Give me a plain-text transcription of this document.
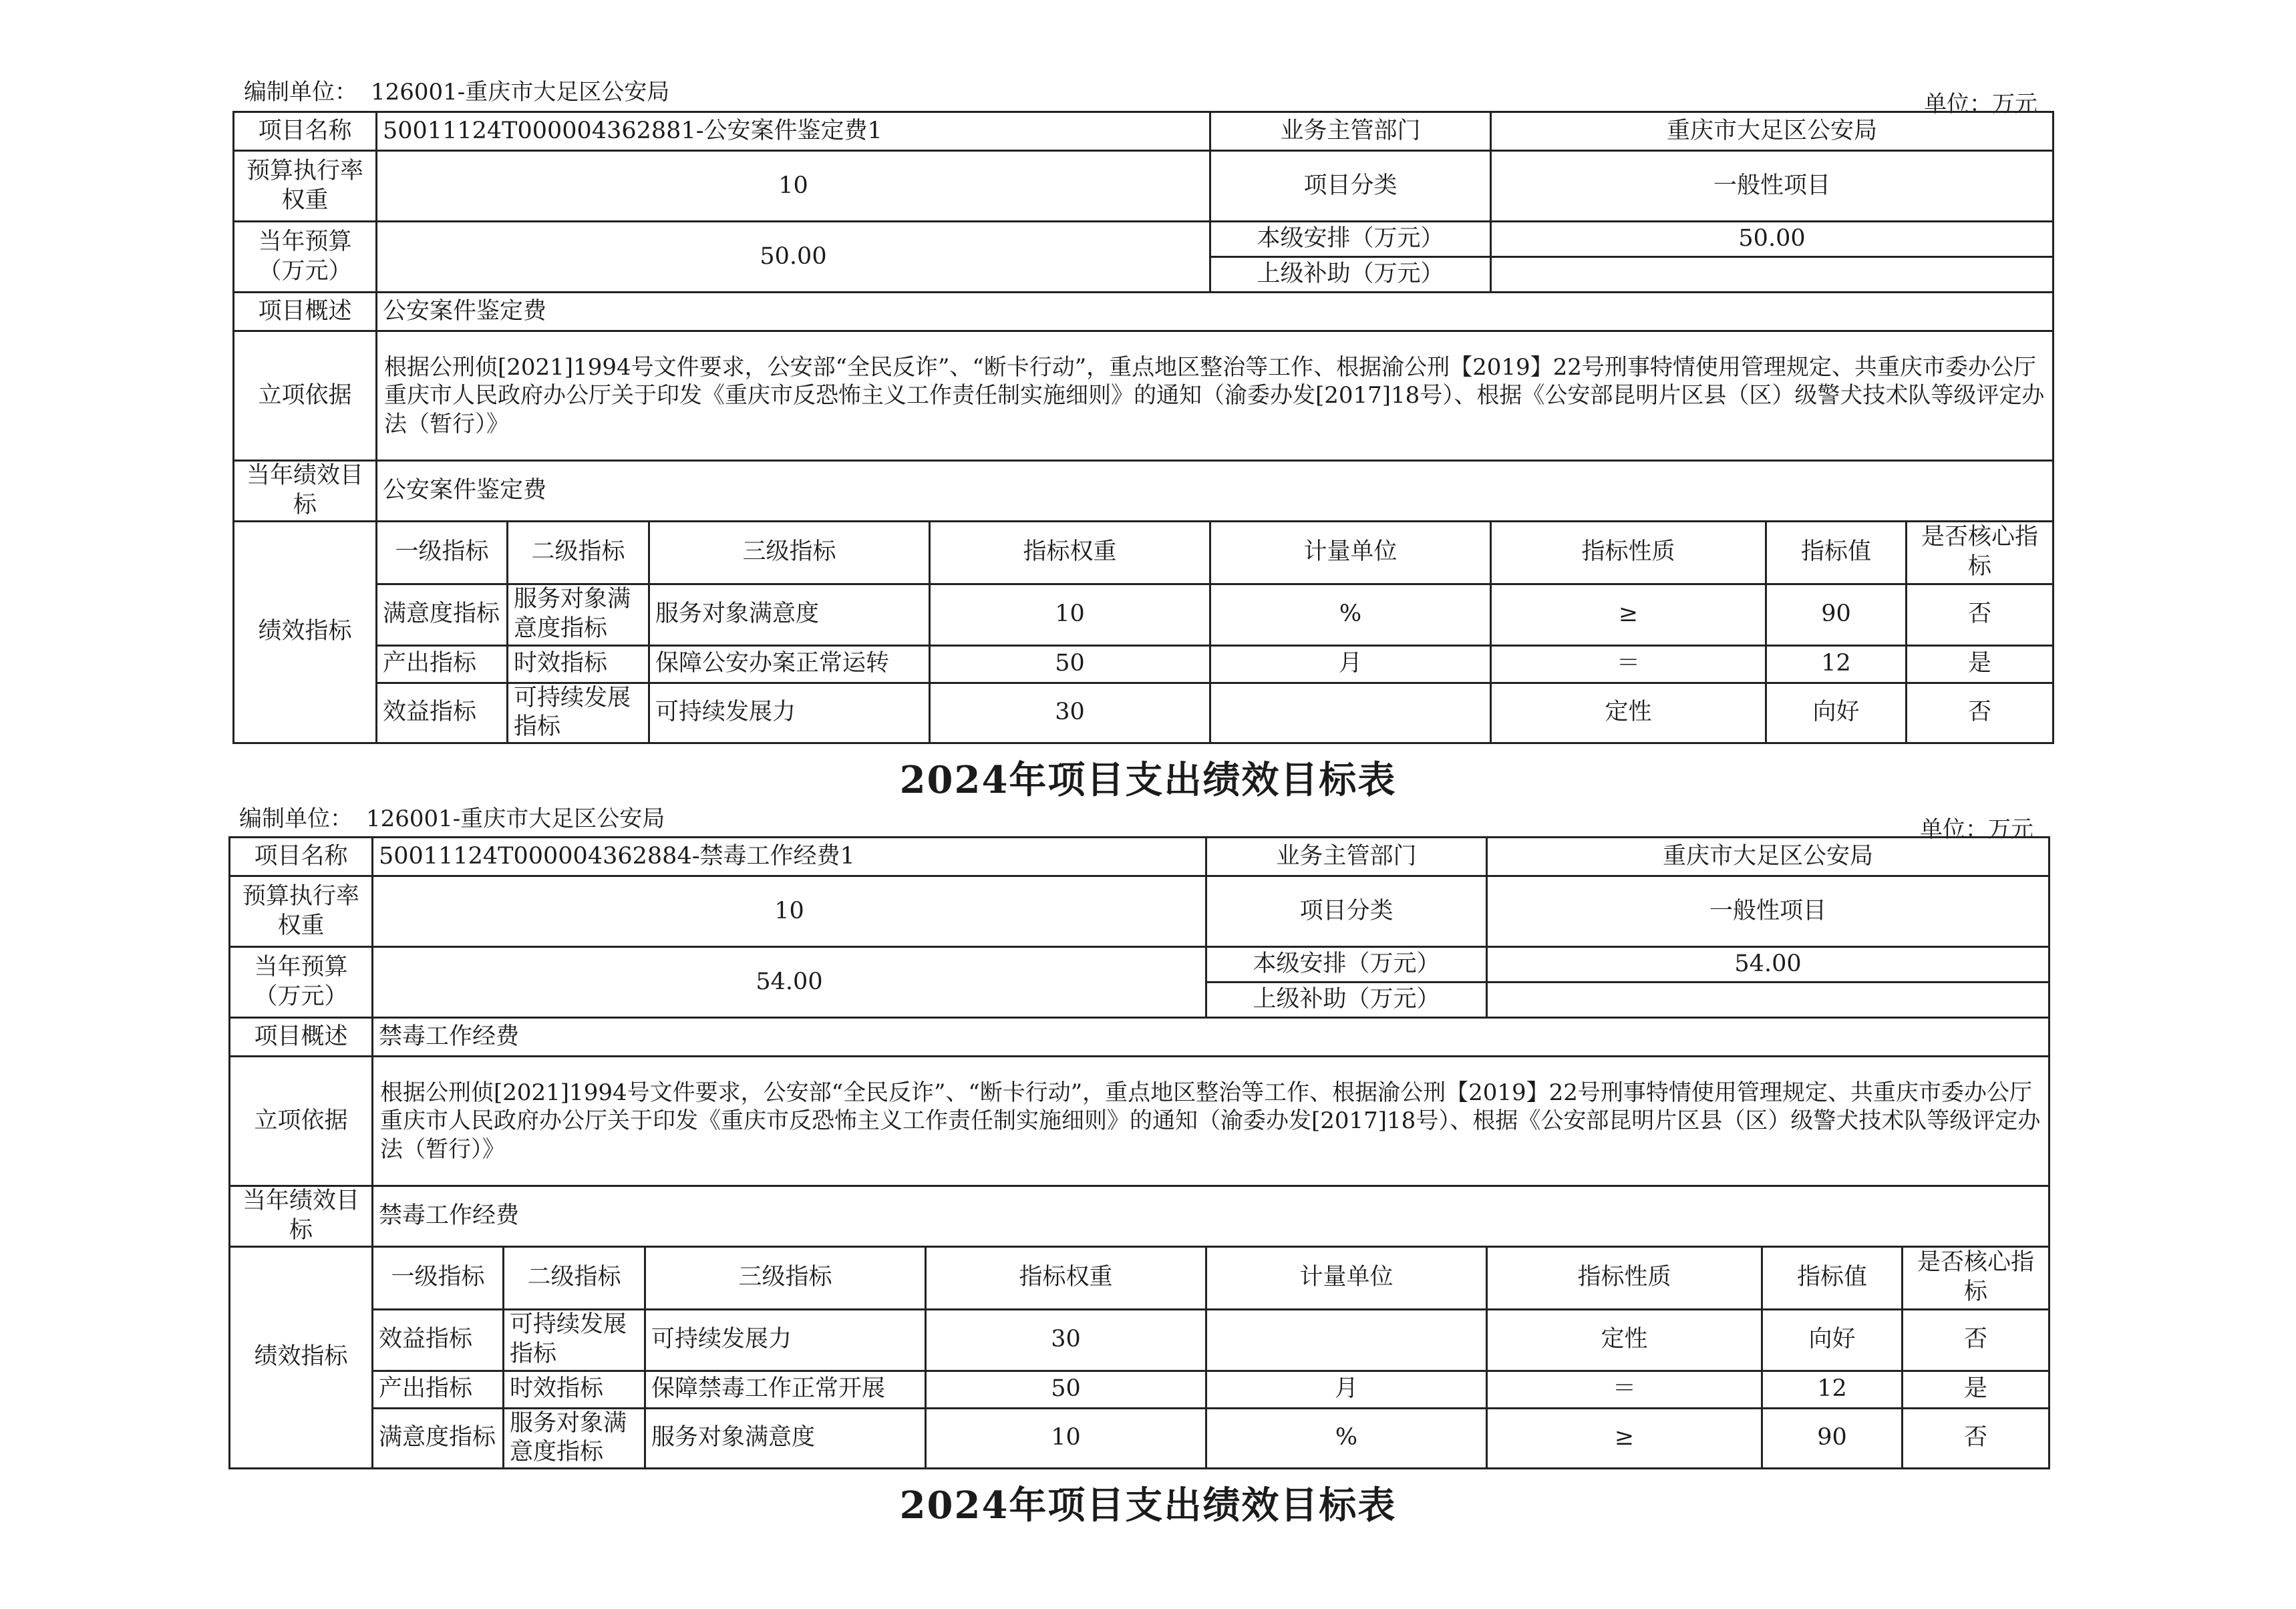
编制单位： 126001-重庆市大足区公安局	单位：万元
项目名称	50011124T000004362881-公安案件鉴定费1				业务主管部门	重庆市大足区公安局		
预算执行率权重	10				项目分类	一般性项目		
当年预算（万元）	50.00				本级安排（万元）	50.00		
					上级补助（万元）			
项目概述	公安案件鉴定费							
立项依据	根据公刑侦[2021]1994号文件要求，公安部“全民反诈”、“断卡行动”，重点地区整治等工作、根据渝公刑【2019】22号刑事特情使用管理规定、共重庆市委办公厅重庆市人民政府办公厅关于印发《重庆市反恐怖主义工作责任制实施细则》的通知（渝委办发[2017]18号）、根据《公安部昆明片区县（区）级警犬技术队等级评定办法（暂行）》							
当年绩效目标	公安案件鉴定费							
绩效指标	一级指标	二级指标	三级指标	指标权重	计量单位	指标性质	指标值	是否核心指标
	满意度指标	服务对象满意度指标	服务对象满意度	10	%	≥	90	否
	产出指标	时效指标	保障公安办案正常运转	50	月	＝	12	是
	效益指标	可持续发展指标	可持续发展力	30		定性	向好	否
2024年项目支出绩效目标表
编制单位： 126001-重庆市大足区公安局	单位：万元
项目名称	50011124T000004362884-禁毒工作经费1				业务主管部门	重庆市大足区公安局		
预算执行率权重	10				项目分类	一般性项目		
当年预算（万元）	54.00				本级安排（万元）	54.00		
					上级补助（万元）			
项目概述	禁毒工作经费							
立项依据	根据公刑侦[2021]1994号文件要求，公安部“全民反诈”、“断卡行动”，重点地区整治等工作、根据渝公刑【2019】22号刑事特情使用管理规定、共重庆市委办公厅重庆市人民政府办公厅关于印发《重庆市反恐怖主义工作责任制实施细则》的通知（渝委办发[2017]18号）、根据《公安部昆明片区县（区）级警犬技术队等级评定办法（暂行）》							
当年绩效目标	禁毒工作经费							
绩效指标	一级指标	二级指标	三级指标	指标权重	计量单位	指标性质	指标值	是否核心指标
	效益指标	可持续发展指标	可持续发展力	30		定性	向好	否
	产出指标	时效指标	保障禁毒工作正常开展	50	月	＝	12	是
	满意度指标	服务对象满意度指标	服务对象满意度	10	%	≥	90	否
2024年项目支出绩效目标表
